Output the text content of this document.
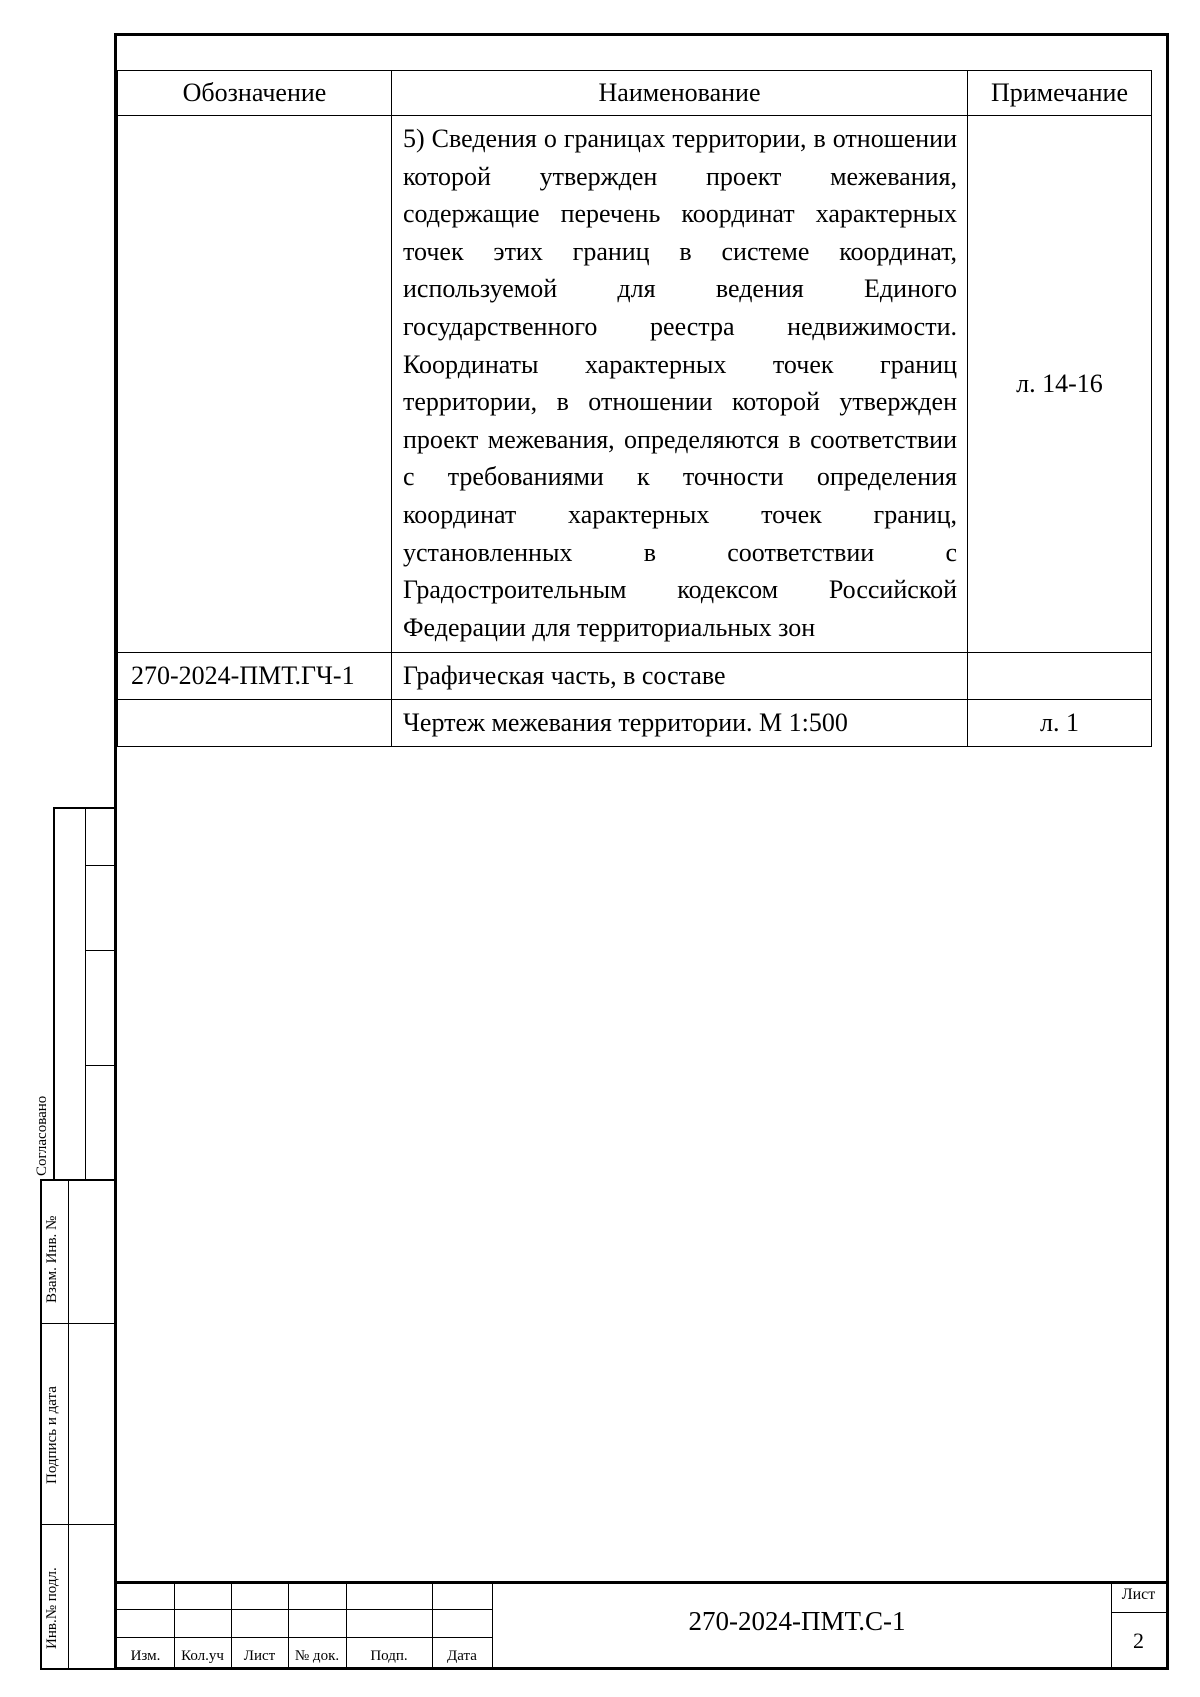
Согласовано
Взам. Инв. №
Подпись и дата
Инв.№ подл.
Обозначение	Наименование	Примечание

	5) Сведения о границах территории, в отношении которой утвержден проект межевания, содержащие перечень координат характерных точек этих границ в системе координат, используемой для ведения Единого государственного реестра недвижимости. Координаты характерных точек границ территории, в отношении которой утвержден проект межевания, определяются в соответствии с требованиями к точности определения координат характерных точек границ, установленных в соответствии с Градостроительным кодексом Российской Федерации для территориальных зон	л. 14-16
270-2024-ПМТ.ГЧ-1	Графическая часть, в составе	
	Чертеж межевания территории. М 1:500	л. 1
Изм.	Кол.уч	Лист	№ док.	Подп.	Дата
270-2024-ПМТ.С-1
Лист
2
